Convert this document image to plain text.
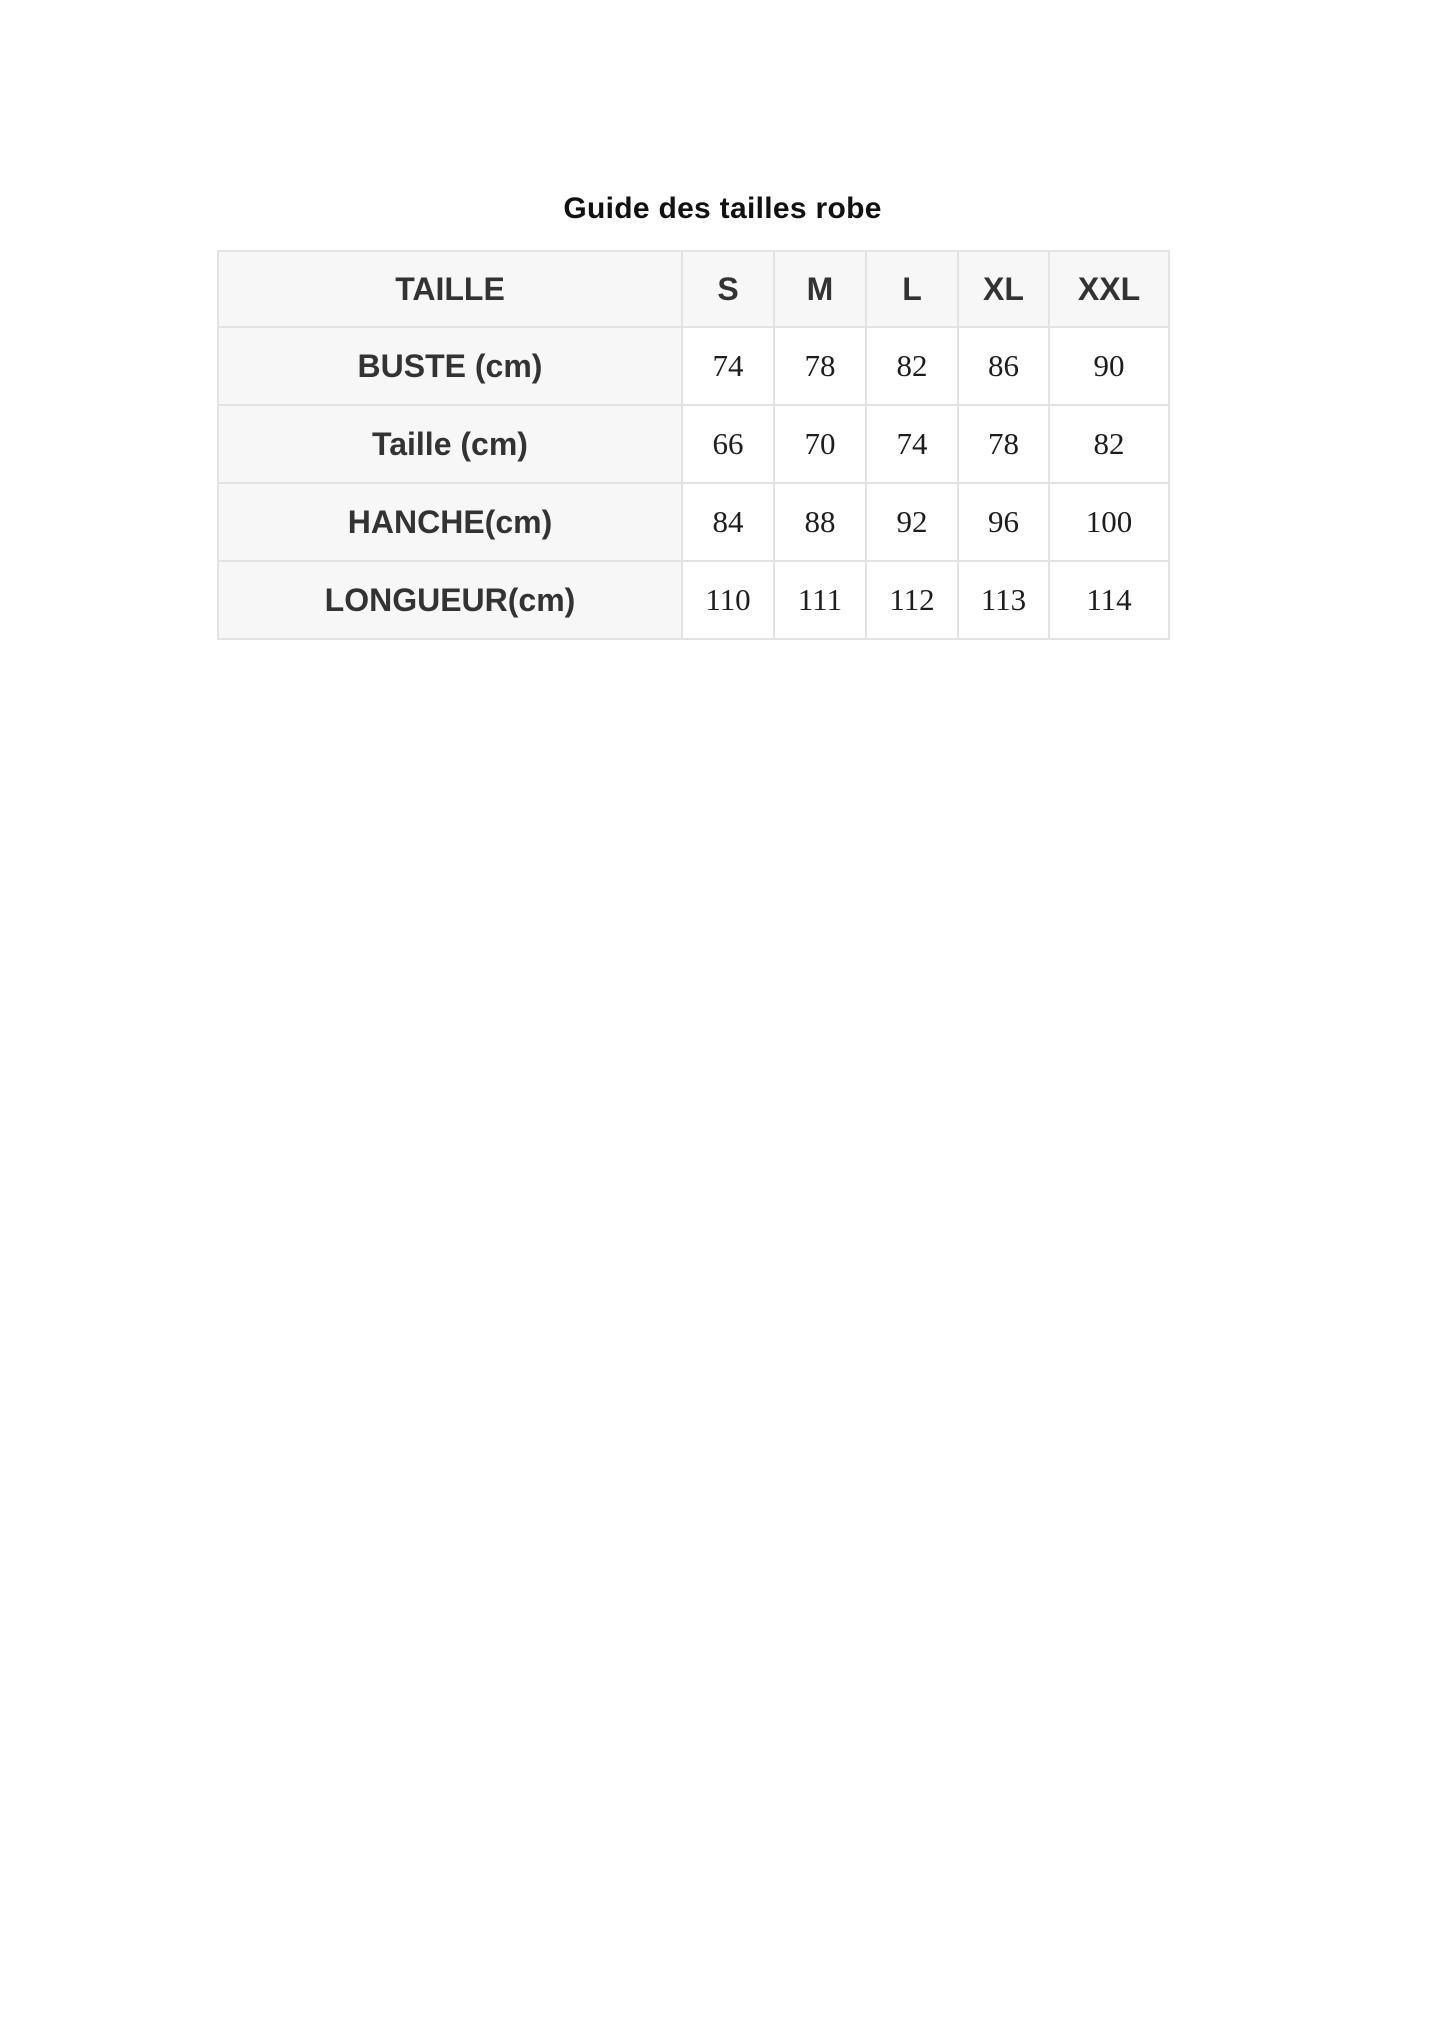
Guide des tailles robe
TAILLE	S	M	L	XL	XXL
BUSTE (cm)	74	78	82	86	90
Taille (cm)	66	70	74	78	82
HANCHE(cm)	84	88	92	96	100
LONGUEUR(cm)	110	111	112	113	114
